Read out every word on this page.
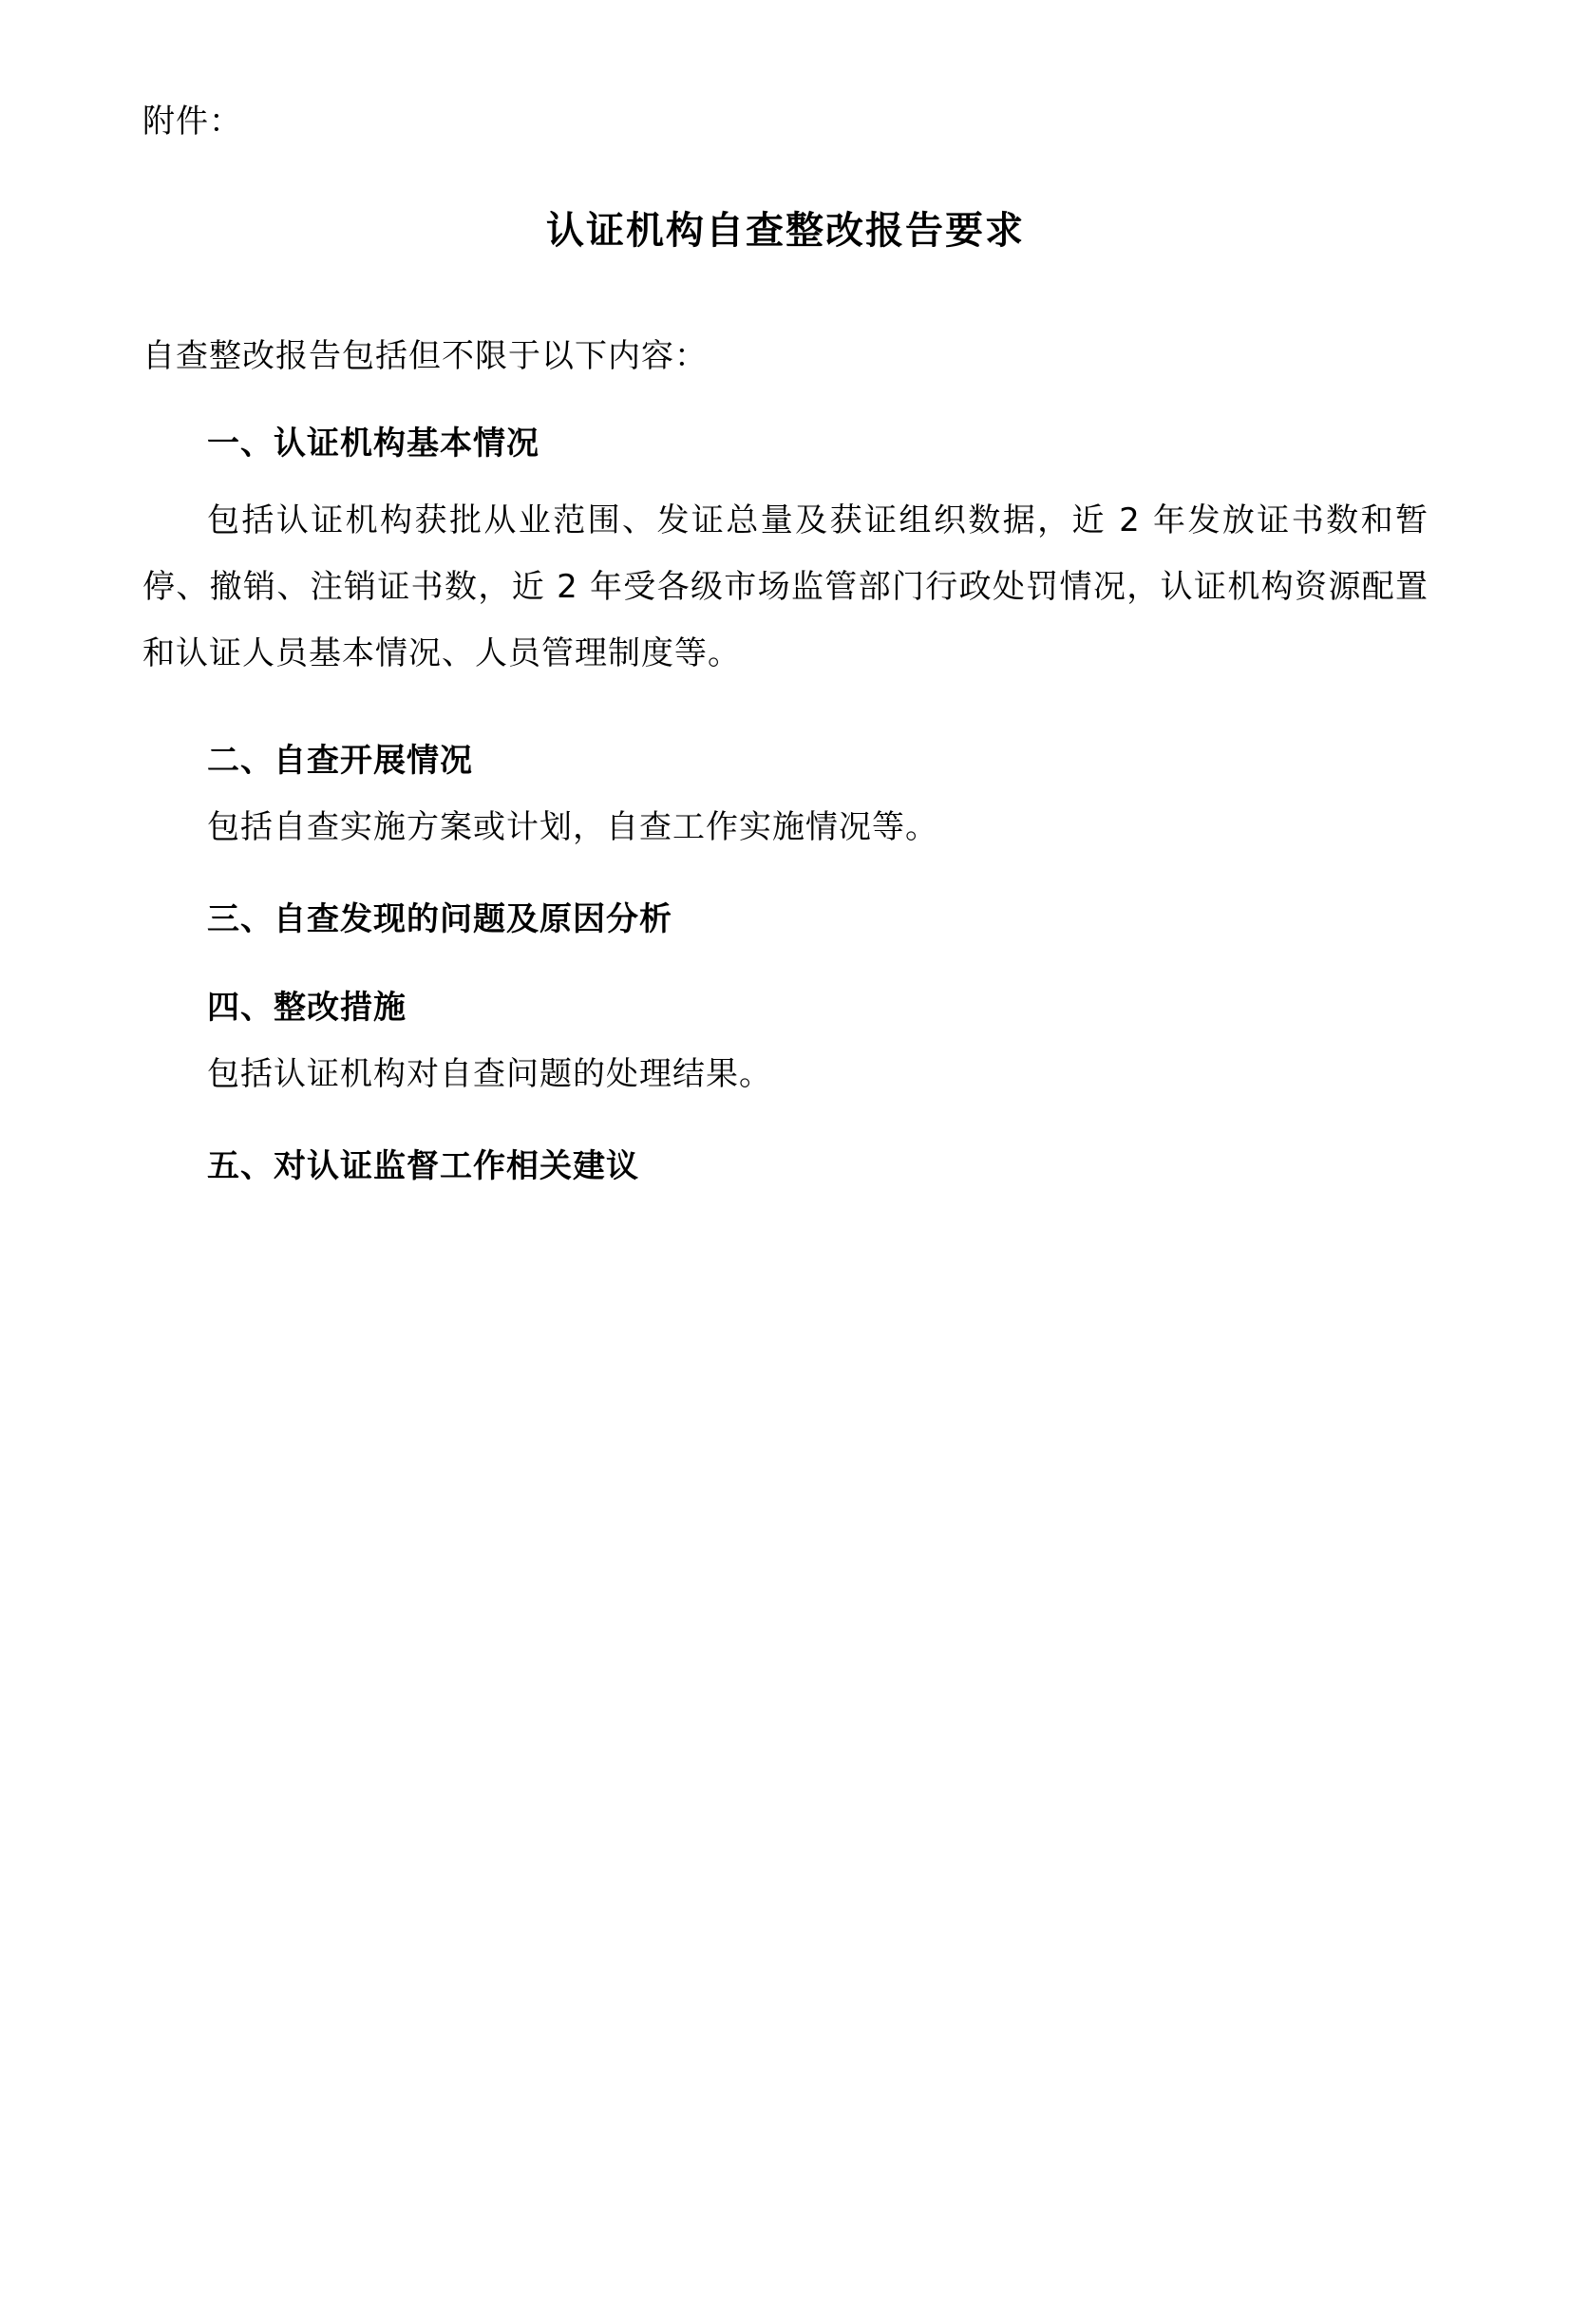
附件：
认证机构自查整改报告要求
自查整改报告包括但不限于以下内容：
一、认证机构基本情况
包括认证机构获批从业范围、发证总量及获证组织数据，近 2 年发放证书数和暂停、撤销、注销证书数，近 2 年受各级市场监管部门行政处罚情况，认证机构资源配置和认证人员基本情况、人员管理制度等。
二、自查开展情况
包括自查实施方案或计划，自查工作实施情况等。
三、自查发现的问题及原因分析
四、整改措施
包括认证机构对自查问题的处理结果。
五、对认证监督工作相关建议
